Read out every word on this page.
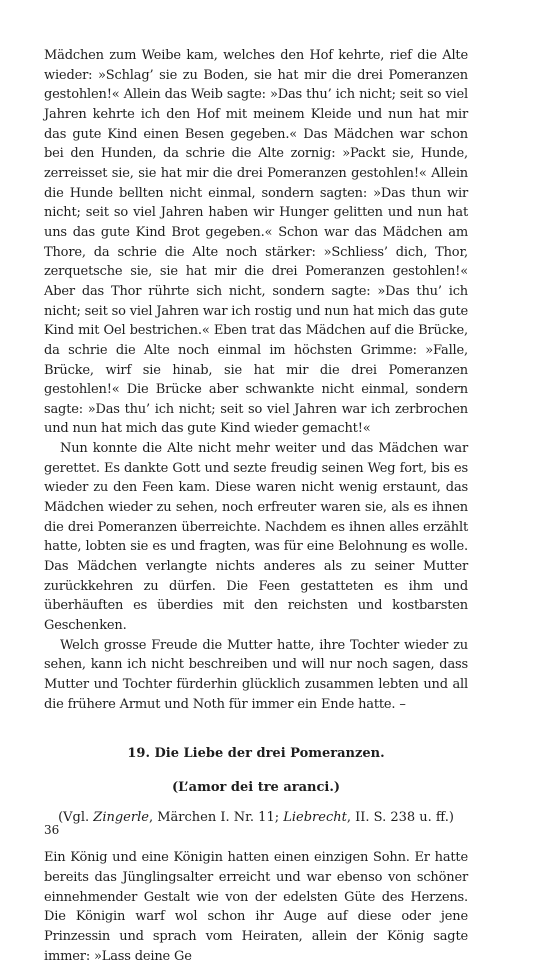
Mädchen zum Weibe kam, welches den Hof kehrte, rief die Alte wieder: »Schlag’ sie zu Boden, sie hat mir die drei Pomeranzen gestohlen!« Allein das Weib sagte: »Das thu’ ich nicht; seit so viel Jahren kehrte ich den Hof mit meinem Kleide und nun hat mir das gute Kind einen Besen gegeben.« Das Mädchen war schon bei den Hunden, da schrie die Alte zornig: »Packt sie, Hunde, zerreisset sie, sie hat mir die drei Pomeranzen gestohlen!« Allein die Hunde bellten nicht einmal, sondern sagten: »Das thun wir nicht; seit so viel Jahren haben wir Hunger gelitten und nun hat uns das gute Kind Brot gegeben.« Schon war das Mädchen am Thore, da schrie die Alte noch stärker: »Schliess’ dich, Thor, zerquetsche sie, sie hat mir die drei Pomeranzen gestohlen!« Aber das Thor rührte sich nicht, sondern sagte: »Das thu’ ich nicht; seit so viel Jahren war ich rostig und nun hat mich das gute Kind mit Oel bestrichen.« Eben trat das Mädchen auf die Brücke, da schrie die Alte noch einmal im höchsten Grimme: »Falle, Brücke, wirf sie hinab, sie hat mir die drei Pomeranzen gestohlen!« Die Brücke aber schwankte nicht einmal, sondern sagte: »Das thu’ ich nicht; seit so viel Jahren war ich zerbrochen und nun hat mich das gute Kind wieder gemacht!«

Nun konnte die Alte nicht mehr weiter und das Mädchen war gerettet. Es dankte Gott und sezte freudig seinen Weg fort, bis es wieder zu den Feen kam. Diese waren nicht wenig erstaunt, das Mädchen wieder zu sehen, noch erfreuter waren sie, als es ihnen die drei Pomeranzen überreichte. Nachdem es ihnen alles erzählt hatte, lobten sie es und fragten, was für eine Belohnung es wolle. Das Mädchen verlangte nichts anderes als zu seiner Mutter zurückkehren zu dürfen. Die Feen gestatteten es ihm und überhäuften es überdies mit den reichsten und kostbarsten Geschenken.

Welch grosse Freude die Mutter hatte, ihre Tochter wieder zu sehen, kann ich nicht beschreiben und will nur noch sagen, dass Mutter und Tochter fürderhin glücklich zusammen lebten und all die frühere Armut und Noth für immer ein Ende hatte. –

19. Die Liebe der drei Pomeranzen.
(L’amor dei tre aranci.)
(Vgl. Zingerle, Märchen I. Nr. 11; Liebrecht, II. S. 238 u. ff.)

Ein König und eine Königin hatten einen einzigen Sohn. Er hatte bereits das Jünglingsalter erreicht und war ebenso von schöner einnehmender Gestalt wie von der edelsten Güte des Herzens. Die Königin warf wol schon ihr Auge auf diese oder jene Prinzessin und sprach vom Heiraten, allein der König sagte immer: »Lass deine Ge

36
